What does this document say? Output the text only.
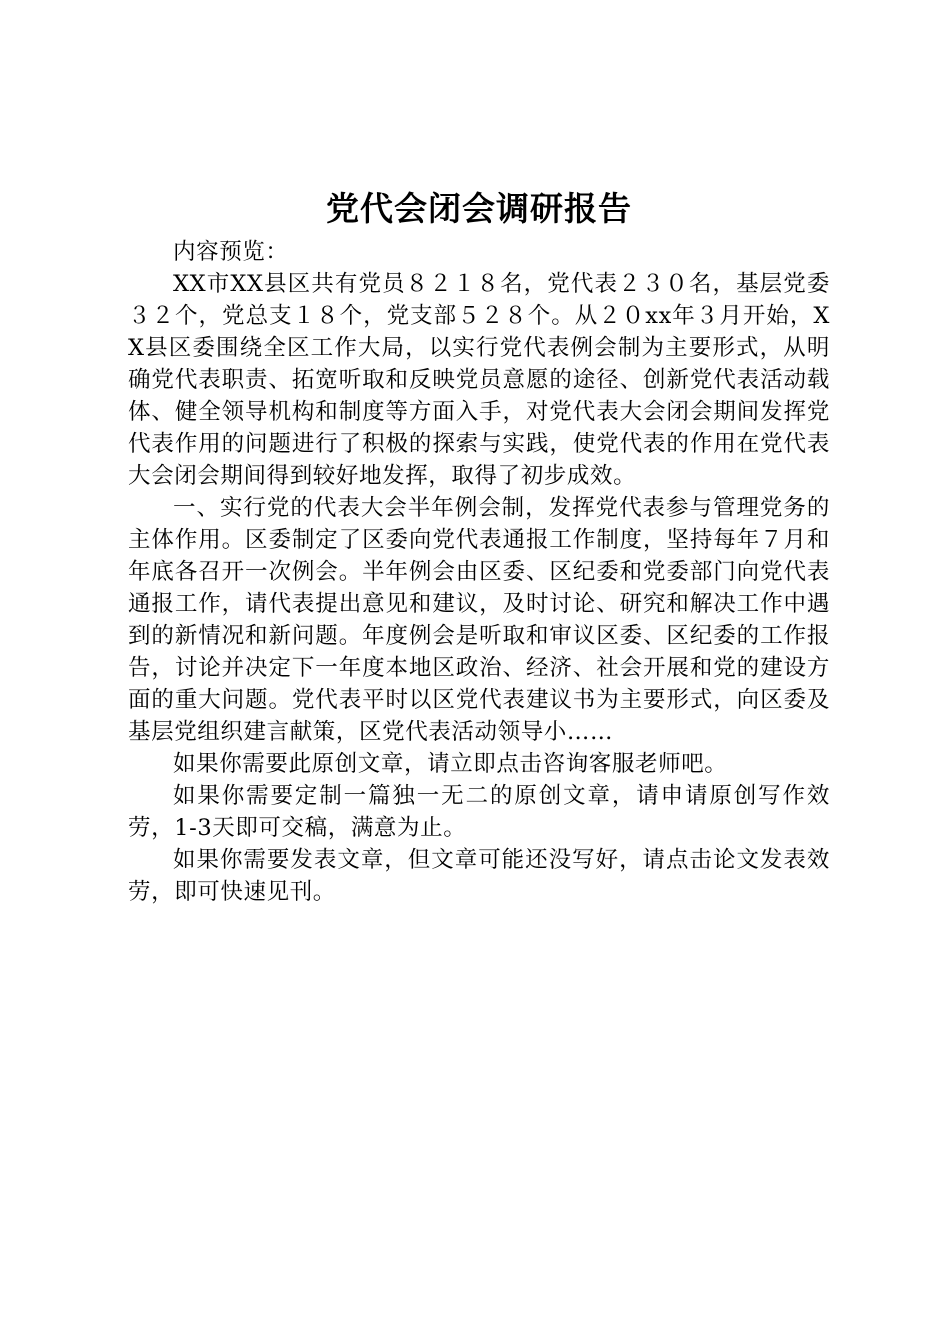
党代会闭会调研报告

内容预览：

XX市XX县区共有党员８２１８名，党代表２３０名，基层党委３２个，党总支１８个，党支部５２８个。从２０xx年３月开始，XX县区委围绕全区工作大局，以实行党代表例会制为主要形式，从明确党代表职责、拓宽听取和反映党员意愿的途径、创新党代表活动载体、健全领导机构和制度等方面入手，对党代表大会闭会期间发挥党代表作用的问题进行了积极的探索与实践，使党代表的作用在党代表大会闭会期间得到较好地发挥，取得了初步成效。

一、实行党的代表大会半年例会制，发挥党代表参与管理党务的主体作用。区委制定了区委向党代表通报工作制度，坚持每年７月和年底各召开一次例会。半年例会由区委、区纪委和党委部门向党代表通报工作，请代表提出意见和建议，及时讨论、研究和解决工作中遇到的新情况和新问题。年度例会是听取和审议区委、区纪委的工作报告，讨论并决定下一年度本地区政治、经济、社会开展和党的建设方面的重大问题。党代表平时以区党代表建议书为主要形式，向区委及基层党组织建言献策，区党代表活动领导小……

如果你需要此原创文章，请立即点击咨询客服老师吧。

如果你需要定制一篇独一无二的原创文章，请申请原创写作效劳，1-3天即可交稿，满意为止。

如果你需要发表文章，但文章可能还没写好，请点击论文发表效劳，即可快速见刊。
